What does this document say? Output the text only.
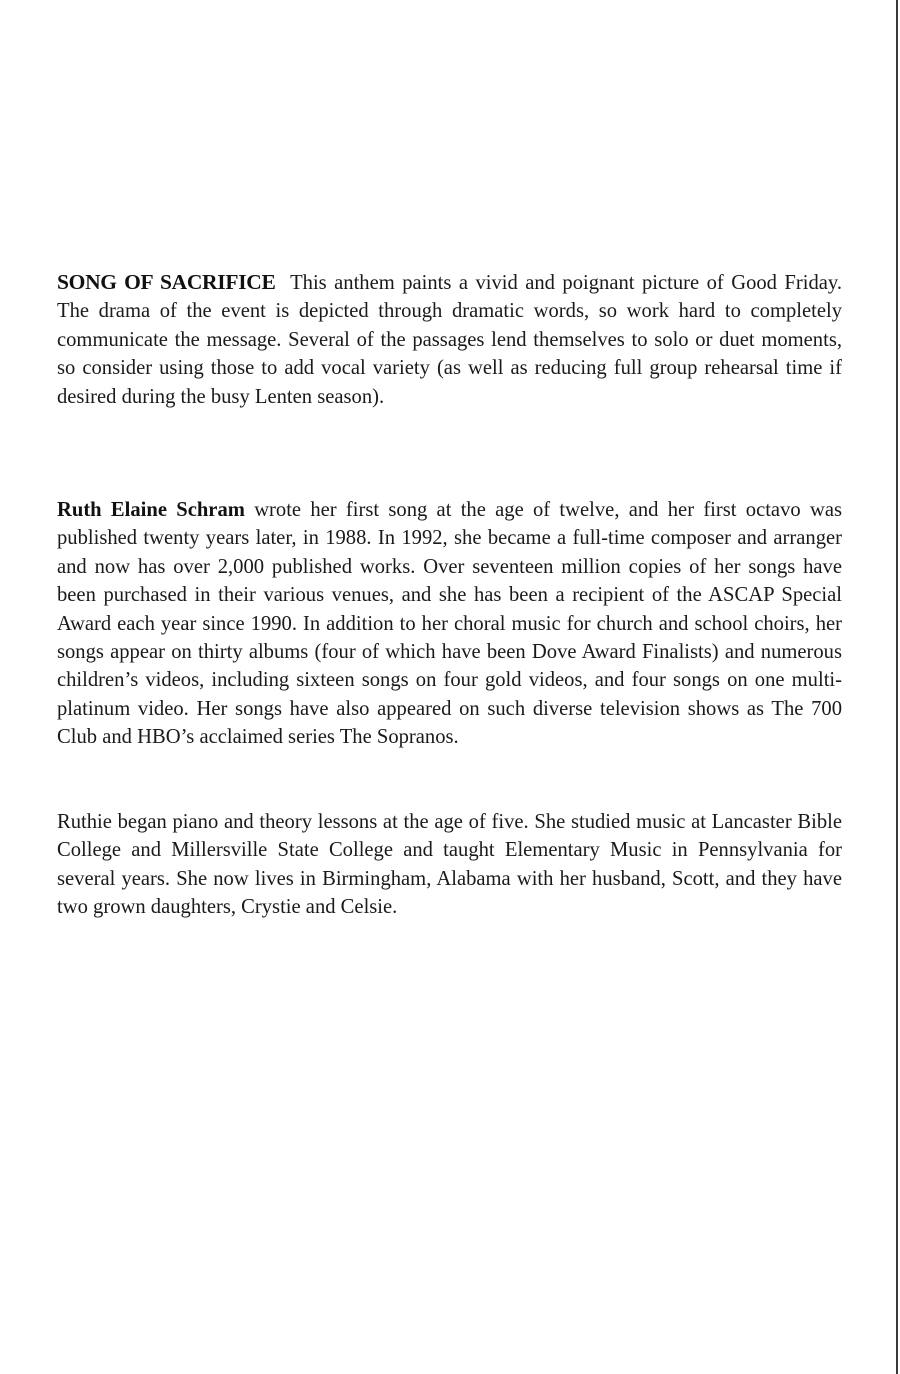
SONG OF SACRIFICE This anthem paints a vivid and poignant picture of Good Friday. The drama of the event is depicted through dramatic words, so work hard to completely communicate the message. Several of the passages lend themselves to solo or duet moments, so consider using those to add vocal variety (as well as reducing full group rehearsal time if desired during the busy Lenten season).

Ruth Elaine Schram wrote her first song at the age of twelve, and her first octavo was published twenty years later, in 1988. In 1992, she became a full-time composer and arranger and now has over 2,000 published works. Over seventeen million copies of her songs have been purchased in their various venues, and she has been a recipient of the ASCAP Special Award each year since 1990. In addition to her choral music for church and school choirs, her songs appear on thirty albums (four of which have been Dove Award Finalists) and numerous children’s videos, including sixteen songs on four gold videos, and four songs on one multi-platinum video. Her songs have also appeared on such diverse television shows as The 700 Club and HBO’s acclaimed series The Sopranos.

Ruthie began piano and theory lessons at the age of five. She studied music at Lancaster Bible College and Millersville State College and taught Elementary Music in Pennsylvania for several years. She now lives in Birmingham, Alabama with her husband, Scott, and they have two grown daughters, Crystie and Celsie.
